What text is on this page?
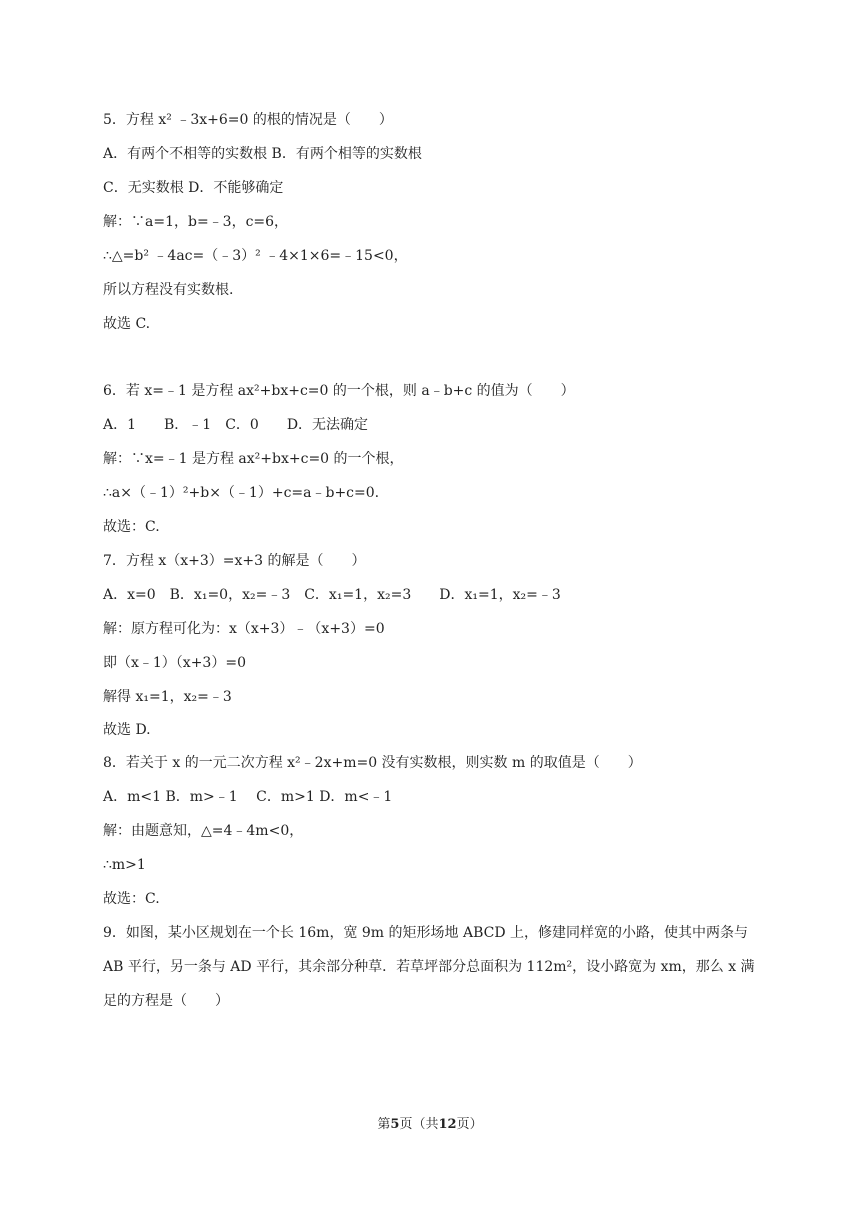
5．方程 x² ﹣3x+6=0 的根的情况是（　　）
A．有两个不相等的实数根 B．有两个相等的实数根
C．无实数根 D．不能够确定
解：∵a=1，b=﹣3，c=6，
∴△=b² ﹣4ac=（﹣3）² ﹣4×1×6=﹣15<0，
所以方程没有实数根.
故选 C.
6．若 x=﹣1 是方程 ax²+bx+c=0 的一个根，则 a﹣b+c 的值为（　　）
A．1　　B．﹣1　C．0　　D．无法确定
解：∵x=﹣1 是方程 ax²+bx+c=0 的一个根，
∴a×（﹣1）²+b×（﹣1）+c=a﹣b+c=0.
故选：C.
7．方程 x（x+3）=x+3 的解是（　　）
A．x=0　B．x₁=0，x₂=﹣3　C．x₁=1，x₂=3　　D．x₁=1，x₂=﹣3
解：原方程可化为：x（x+3）﹣（x+3）=0
即（x﹣1）（x+3）=0
解得 x₁=1，x₂=﹣3
故选 D.
8．若关于 x 的一元二次方程 x²﹣2x+m=0 没有实数根，则实数 m 的取值是（　　）
A．m<1 B．m>﹣1　 C．m>1 D．m<﹣1
解：由题意知，△=4﹣4m<0，
∴m>1
故选：C.
9．如图，某小区规划在一个长 16m，宽 9m 的矩形场地 ABCD 上，修建同样宽的小路，使其中两条与
AB 平行，另一条与 AD 平行，其余部分种草．若草坪部分总面积为 112m²，设小路宽为 xm，那么 x 满
足的方程是（　　）
第5页（共12页）
